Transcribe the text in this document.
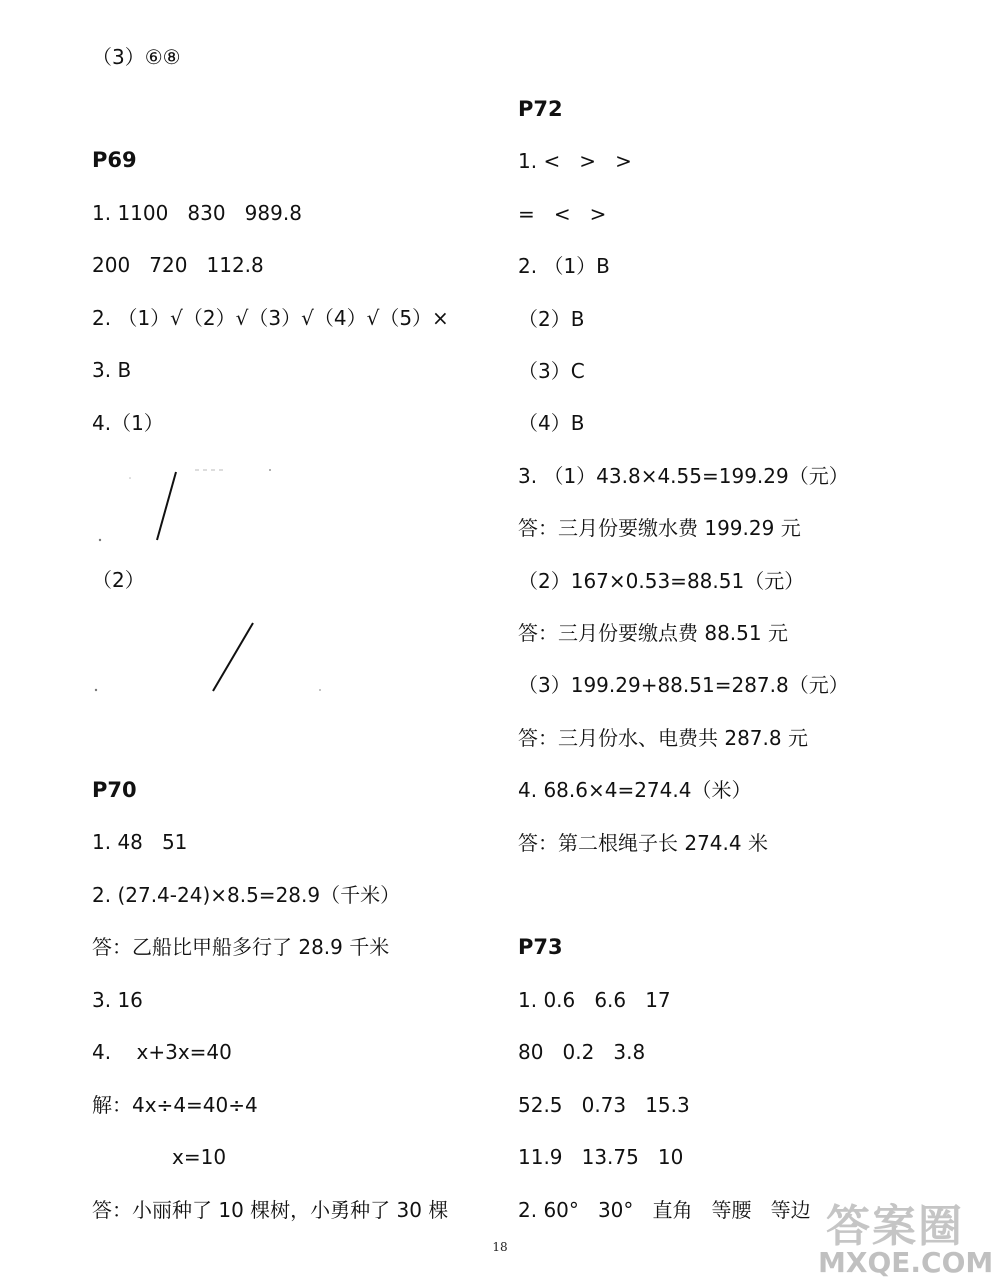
（3）⑥⑧
P69
1. 1100   830   989.8
200   720   112.8
2. （1）√（2）√（3）√（4）√（5）×
3. B
4.（1）
（2）
P70
1. 48   51
2. (27.4-24)×8.5=28.9（千米）
答：乙船比甲船多行了 28.9 千米
3. 16
4.    x+3x=40
解：4x÷4=40÷4
x=10
答：小丽种了 10 棵树，小勇种了 30 棵
P72
1. <   >   >
=   <   >
2. （1）B
（2）B
（3）C
（4）B
3. （1）43.8×4.55=199.29（元）
答：三月份要缴水费 199.29 元
（2）167×0.53=88.51（元）
答：三月份要缴点费 88.51 元
（3）199.29+88.51=287.8（元）
答：三月份水、电费共 287.8 元
4. 68.6×4=274.4（米）
答：第二根绳子长 274.4 米
P73
1. 0.6   6.6   17
80   0.2   3.8
52.5   0.73   15.3
11.9   13.75   10
2. 60°   30°   直角   等腰   等边
18	答案圈
MXQE.COM
